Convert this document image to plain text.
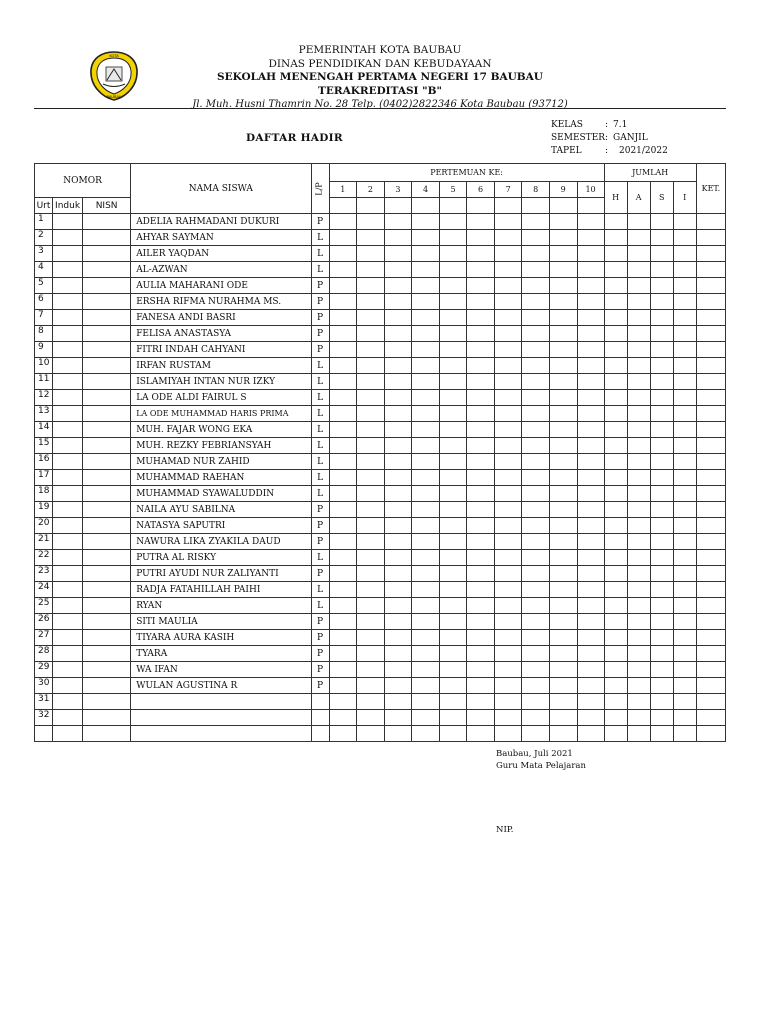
KOTA
BAUBAU
PEMERINTAH KOTA BAUBAU
DINAS PENDIDIKAN DAN KEBUDAYAAN
SEKOLAH MENENGAH PERTAMA NEGERI 17 BAUBAU
TERAKREDITASI "B"
Jl. Muh. Husni Thamrin No. 28 Telp. (0402)2822346 Kota Baubau (93712)
DAFTAR HADIR
KELAS	: 7.1
SEMESTER : GANJIL
TAPEL	:	2021/2022
NOMOR			NAMA SISWA	L/P	PERTEMUAN KE:										JUMLAH				KET.
					1	2	3	4	5	6	7	8	9	10	H	A	S	I	
Urt	Induk	NISN																	
1			ADELIA RAHMADANI DUKURI	P															
2			AHYAR SAYMAN	L															
3			AILER YAQDAN	L															
4			AL-AZWAN	L															
5			AULIA MAHARANI ODE	P															
6			ERSHA RIFMA NURAHMA MS.	P															
7			FANESA ANDI BASRI	P															
8			FELISA ANASTASYA	P															
9			FITRI INDAH CAHYANI	P															
10			IRFAN RUSTAM	L															
11			ISLAMIYAH INTAN NUR IZKY	L															
12			LA ODE ALDI FAIRUL S	L															
13			LA ODE MUHAMMAD HARIS PRIMA	L															
14			MUH. FAJAR WONG EKA	L															
15			MUH. REZKY FEBRIANSYAH	L															
16			MUHAMAD NUR ZAHID	L															
17			MUHAMMAD RAEHAN	L															
18			MUHAMMAD SYAWALUDDIN	L															
19			NAILA AYU SABILNA	P															
20			NATASYA SAPUTRI	P															
21			NAWURA LIKA ZYAKILA DAUD	P															
22			PUTRA AL RISKY	L															
23			PUTRI AYUDI NUR ZALIYANTI	P															
24			RADJA FATAHILLAH PAIHI	L															
25			RYAN	L															
26			SITI MAULIA	P															
27			TIYARA AURA KASIH	P															
28			TYARA	P															
29			WA IFAN	P															
30			WULAN AGUSTINA R	P															
31																			
32																			

Baubau, Juli 2021
Guru Mata Pelajaran
NIP.
